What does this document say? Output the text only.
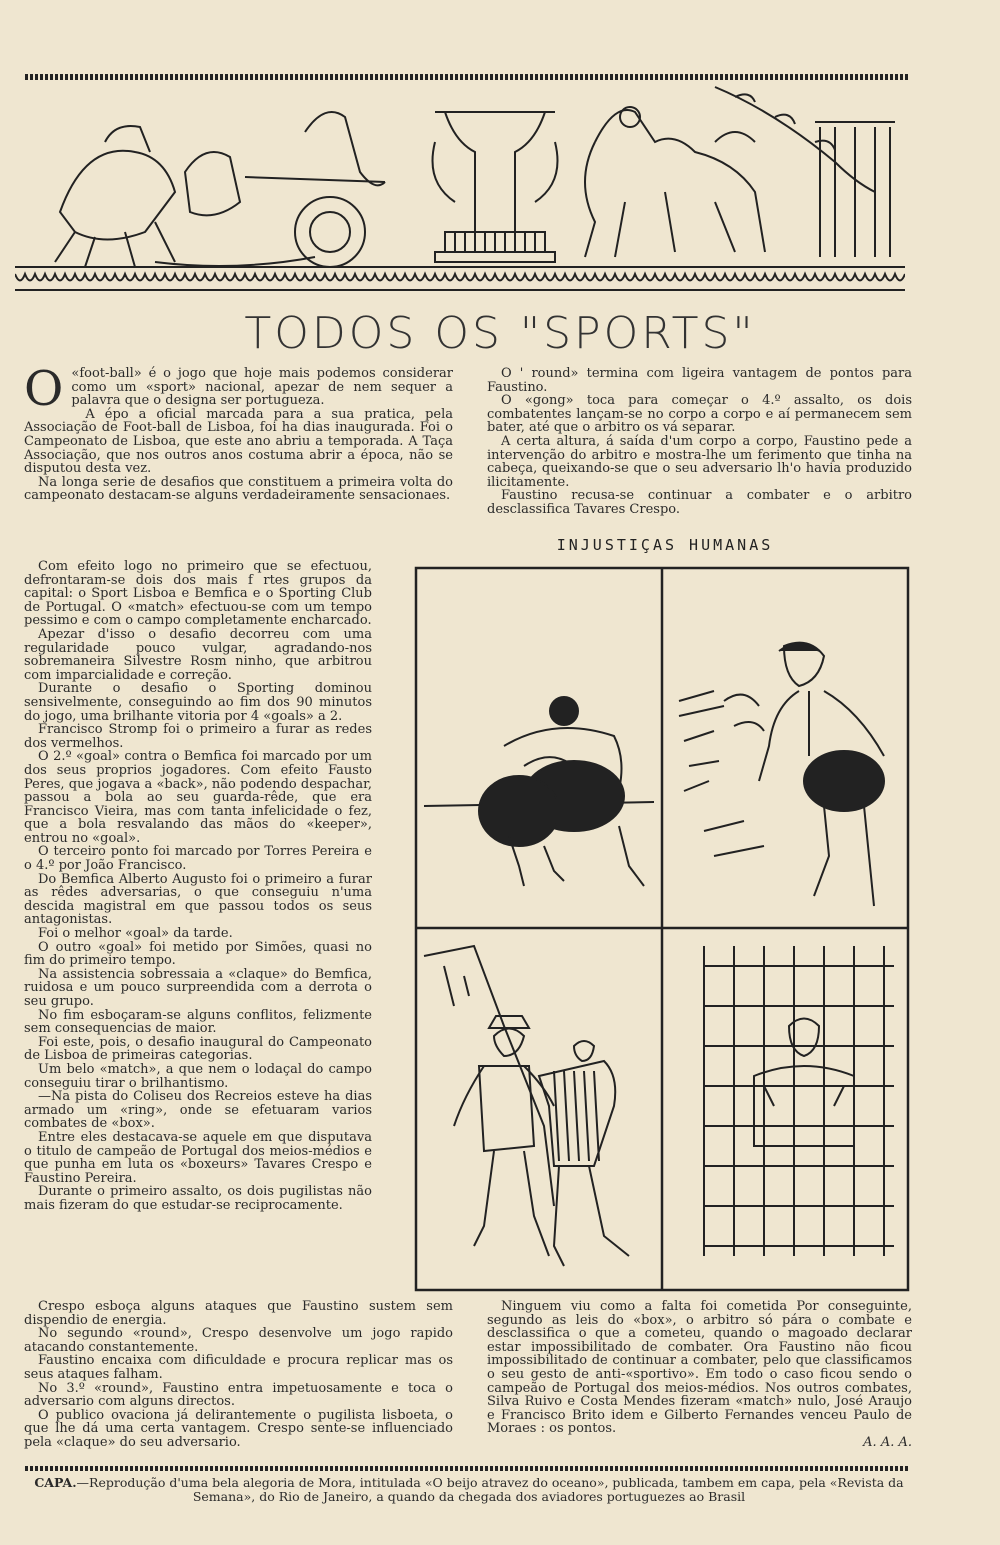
TODOS OS "SPORTS"
O «foot-ball» é o jogo que hoje mais podemos considerar como um «sport» nacional, apezar de nem sequer a palavra que o designa ser portugueza.

A épo a oficial marcada para a sua pratica, pela Associação de Foot-ball de Lisboa, foi ha dias inaugurada. Foi o Campeonato de Lisboa, que este ano abriu a temporada. A Taça Associação, que nos outros anos costuma abrir a época, não se disputou desta vez.

Na longa serie de desafios que constituem a primeira volta do campeonato destacam-se alguns verdadeiramente sensacionaes.

Com efeito logo no primeiro que se efectuou, defrontaram-se dois dos mais f rtes grupos da capital: o Sport Lisboa e Bemfica e o Sporting Club de Portugal. O «match» efectuou-se com um tempo pessimo e com o campo completamente encharcado.

Apezar d'isso o desafio decorreu com uma regularidade pouco vulgar, agradando-nos sobremaneira Silvestre Rosm ninho, que arbitrou com imparcialidade e correção.

Durante o desafio o Sporting dominou sensivelmente, conseguindo ao fim dos 90 minutos do jogo, uma brilhante vitoria por 4 «goals» a 2.

Francisco Stromp foi o primeiro a furar as redes dos vermelhos.

O 2.º «goal» contra o Bemfica foi marcado por um dos seus proprios jogadores. Com efeito Fausto Peres, que jogava a «back», não podendo despachar, passou a bola ao seu guarda-rêde, que era Francisco Vieira, mas com tanta infelicidade o fez, que a bola resvalando das mãos do «keeper», entrou no «goal».

O terceiro ponto foi marcado por Torres Pereira e o 4.º por João Francisco.

Do Bemfica Alberto Augusto foi o primeiro a furar as rêdes adversarias, o que conseguiu n'uma descida magistral em que passou todos os seus antagonistas.

Foi o melhor «goal» da tarde.

O outro «goal» foi metido por Simões, quasi no fim do primeiro tempo.

Na assistencia sobressaia a «claque» do Bemfica, ruidosa e um pouco surpreendida com a derrota o seu grupo.

No fim esboçaram-se alguns conflitos, felizmente sem consequencias de maior.

Foi este, pois, o desafio inaugural do Campeonato de Lisboa de primeiras categorias.

Um belo «match», a que nem o lodaçal do campo conseguiu tirar o brilhantismo.

—Na pista do Coliseu dos Recreios esteve ha dias armado um «ring», onde se efetuaram varios combates de «box».

Entre eles destacava-se aquele em que disputava o titulo de campeão de Portugal dos meios-médios e que punha em luta os «boxeurs» Tavares Crespo e Faustino Pereira.

Durante o primeiro assalto, os dois pugilistas não mais fizeram do que estudar-se reciprocamente.

Crespo esboça alguns ataques que Faustino sustem sem dispendio de energia.

No segundo «round», Crespo desenvolve um jogo rapido atacando constantemente.

Faustino encaixa com dificuldade e procura replicar mas os seus ataques falham.

No 3.º «round», Faustino entra impetuosamente e toca o adversario com alguns directos.

O publico ovaciona já delirantemente o pugilista lisboeta, o que lhe dá uma certa vantagem. Crespo sente-se influenciado pela «claque» do seu adversario.

O ' round» termina com ligeira vantagem de pontos para Faustino.

O «gong» toca para começar o 4.º assalto, os dois combatentes lançam-se no corpo a corpo e aí permanecem sem bater, até que o arbitro os vá separar.

A certa altura, á saída d'um corpo a corpo, Faustino pede a intervenção do arbitro e mostra-lhe um ferimento que tinha na cabeça, queixando-se que o seu adversario lh'o havia produzido ilicitamente.

Faustino recusa-se continuar a combater e o arbitro desclassifica Tavares Crespo.

INJUSTIÇAS HUMANAS

Ninguem viu como a falta foi cometida Por conseguinte, segundo as leis do «box», o arbitro só pára o combate e desclassifica o que a cometeu, quando o magoado declarar estar impossibilitado de combater. Ora Faustino não ficou impossibilitado de continuar a combater, pelo que classificamos o seu gesto de anti-«sportivo». Em todo o caso ficou sendo o campeão de Portugal dos meios-médios. Nos outros combates, Silva Ruivo e Costa Mendes fizeram «match» nulo, José Araujo e Francisco Brito idem e Gilberto Fernandes venceu Paulo de Moraes : os pontos.

A. A. A.
CAPA.—Reprodução d'uma bela alegoria de Mora, intitulada «O beijo atravez do oceano», publicada, tambem em capa, pela «Revista da Semana», do Rio de Janeiro, a quando da chegada dos aviadores portuguezes ao Brasil
